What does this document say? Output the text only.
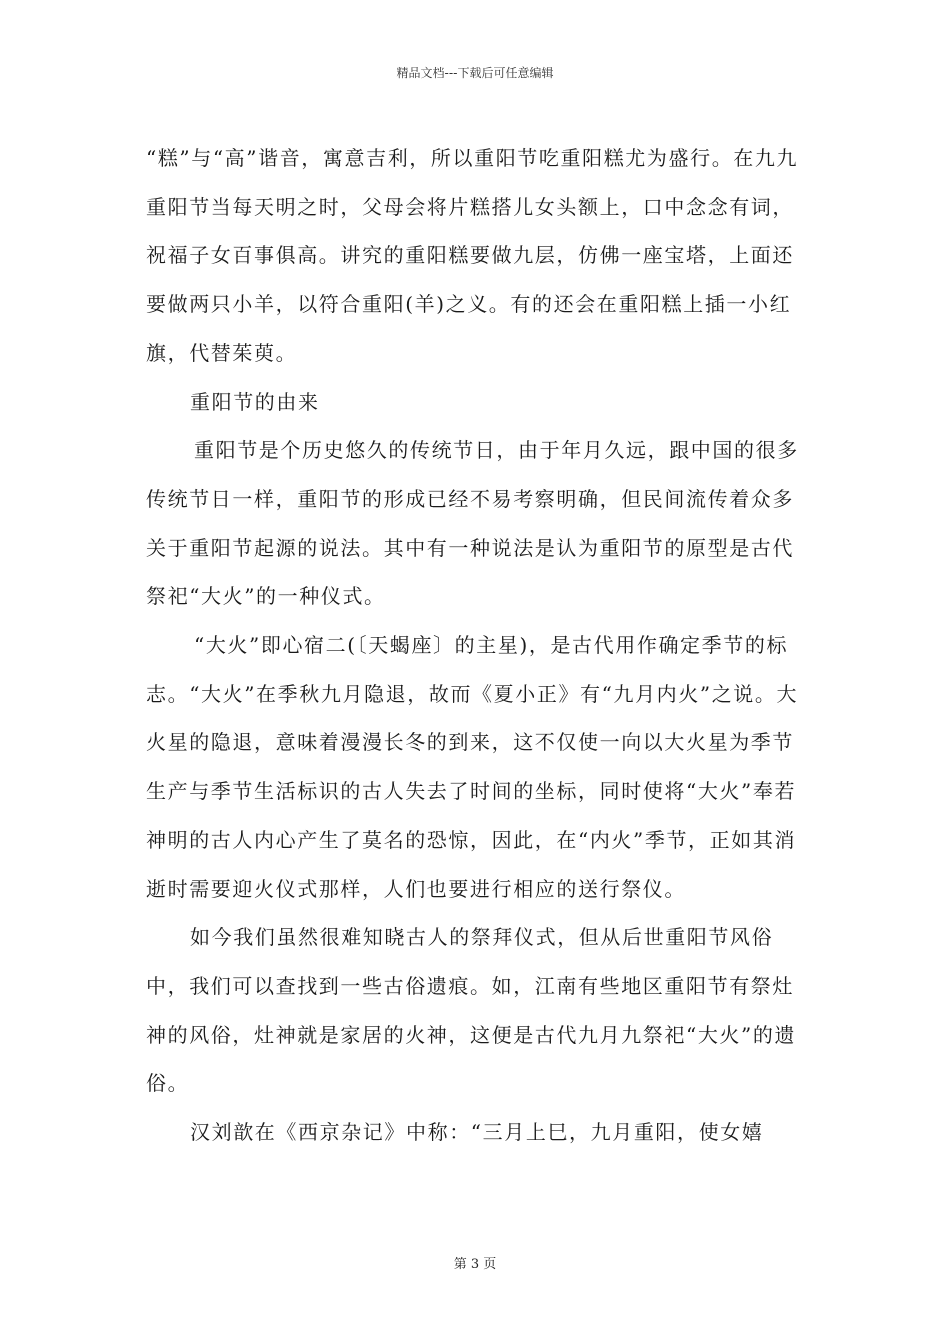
精品文档---下载后可任意编辑

“糕”与“高”谐音，寓意吉利，所以重阳节吃重阳糕尤为盛行。在九九重阳节当每天明之时，父母会将片糕搭儿女头额上，口中念念有词，祝福子女百事俱高。讲究的重阳糕要做九层，仿佛一座宝塔，上面还要做两只小羊，以符合重阳(羊)之义。有的还会在重阳糕上插一小红旗，代替茱萸。

重阳节的由来

重阳节是个历史悠久的传统节日，由于年月久远，跟中国的很多传统节日一样，重阳节的形成已经不易考察明确，但民间流传着众多关于重阳节起源的说法。其中有一种说法是认为重阳节的原型是古代祭祀“大火”的一种仪式。

“大火”即心宿二(〔天蝎座〕的主星)，是古代用作确定季节的标志。“大火”在季秋九月隐退，故而《夏小正》有“九月内火”之说。大火星的隐退，意味着漫漫长冬的到来，这不仅使一向以大火星为季节生产与季节生活标识的古人失去了时间的坐标，同时使将“大火”奉若神明的古人内心产生了莫名的恐惊，因此，在“内火”季节，正如其消逝时需要迎火仪式那样，人们也要进行相应的送行祭仪。

如今我们虽然很难知晓古人的祭拜仪式，但从后世重阳节风俗中，我们可以查找到一些古俗遗痕。如，江南有些地区重阳节有祭灶神的风俗，灶神就是家居的火神，这便是古代九月九祭祀“大火”的遗俗。

汉刘歆在《西京杂记》中称：“三月上巳，九月重阳，使女嬉

第 3 页
